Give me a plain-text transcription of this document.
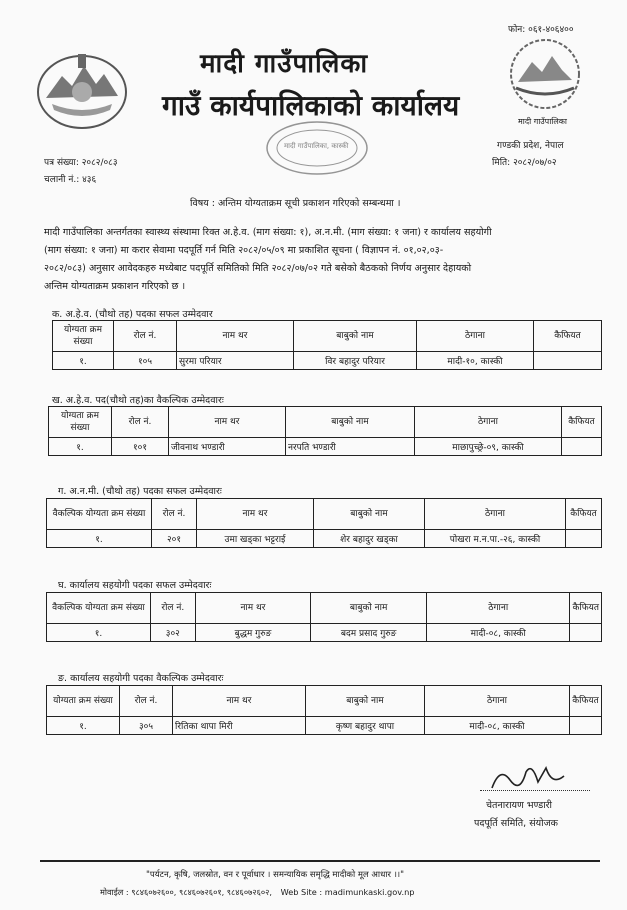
मादी गाउँपालिका
गाउँ कार्यपालिकाको कार्यालय
फोन: ०६१-४०६४००
मादी गाउँपालिका
गण्डकी प्रदेश, नेपाल
मिति: २०८२/०७/०२
पत्र संख्या: २०८२/०८३
चलानी नं.: ४३६
मादी गाउँपालिका, कास्की
विषय : अन्तिम योग्यताक्रम सूची प्रकाशन गरिएको सम्बन्धमा ।
मादी गाउँपालिका अन्तर्गतका स्वास्थ्य संस्थामा रिक्त अ.हे.व. (माग संख्या: १), अ.न.मी. (माग संख्या: १ जना) र कार्यालय सहयोगी
(माग संख्या: १ जना) मा करार सेवामा पदपूर्ति गर्न मिति २०८२/०५/०९ मा प्रकाशित सूचना ( विज्ञापन नं. ०१,०२,०३-
२०८२/०८३) अनुसार आवेदकहरु मध्येबाट पदपूर्ति समितिको मिति २०८२/०७/०२ गते बसेको बैठकको निर्णय अनुसार देहायको
अन्तिम योग्यताक्रम प्रकाशन गरिएको छ ।
क. अ.हे.व. (चौथो तह) पदका सफल उम्मेदवार
योग्यता क्रम संख्या	रोल नं.	नाम थर	बाबुको नाम	ठेगाना	कैफियत
१.	१०५	सुरमा परियार	विर बहादुर परियार	मादी-१०, कास्की	
ख. अ.हे.व. पद(चौथो तह)का वैकल्पिक उम्मेदवारः
योग्यता क्रम संख्या	रोल नं.	नाम थर	बाबुको नाम	ठेगाना	कैफियत
१.	१०१	जीवनाथ भण्डारी	नरपति भण्डारी	माछापुच्छ्रे-०९, कास्की	
ग. अ.न.मी. (चौथो तह) पदका सफल उम्मेदवारः
वैकल्पिक योग्यता क्रम संख्या	रोल नं.	नाम थर	बाबुको नाम	ठेगाना	कैफियत
१.	२०१	उमा खड्का भट्टराई	शेर बहादुर खड्का	पोखरा म.न.पा.-२६, कास्की	
घ. कार्यालय सहयोगी पदका सफल उम्मेदवारः
वैकल्पिक योग्यता क्रम संख्या	रोल नं.	नाम थर	बाबुको नाम	ठेगाना	कैफियत
१.	३०२	बुद्धम गुरुङ	बदम प्रसाद गुरुङ	मादी-०८, कास्की	
ङ. कार्यालय सहयोगी पदका वैकल्पिक उम्मेदवारः
योग्यता क्रम संख्या	रोल नं.	नाम थर	बाबुको नाम	ठेगाना	कैफियत
१.	३०५	रितिका थापा मिरी	कृष्ण बहादुर थापा	मादी-०८, कास्की	
चेतनारायण भण्डारी
पदपूर्ति समिति, संयोजक
"पर्यटन, कृषि, जलस्रोत, वन र पूर्वाधार । समन्यायिक समृद्धि मादीको मूल आधार ।।"
मोवाईल : ९८४६०७२६००, ९८४६०७२६०१, ९८४६०७२६०२, Web Site : madimunkaski.gov.np
